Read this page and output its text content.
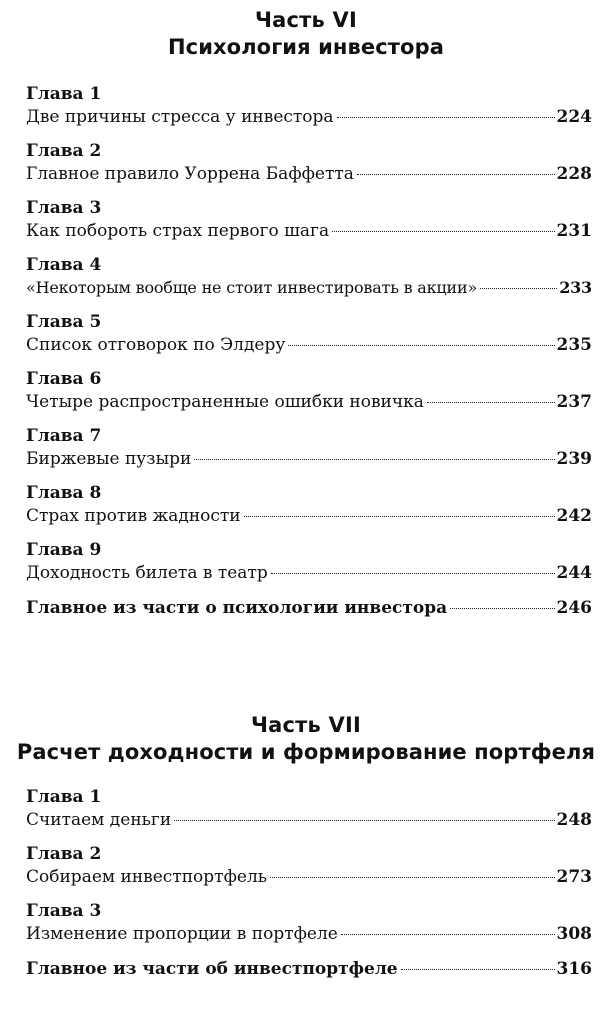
Часть VI
Психология инвестора
Глава 1
Две причины стресса у инвестора	224
Глава 2
Главное правило Уоррена Баффетта	228
Глава 3
Как побороть страх первого шага	231
Глава 4
«Некоторым вообще не стоит инвестировать в акции»	233
Глава 5
Список отговорок по Элдеру	235
Глава 6
Четыре распространенные ошибки новичка	237
Глава 7
Биржевые пузыри	239
Глава 8
Страх против жадности	242
Глава 9
Доходность билета в театр	244
Главное из части о психологии инвестора	246
Часть VII
Расчет доходности и формирование портфеля
Глава 1
Считаем деньги	248
Глава 2
Собираем инвестпортфель	273
Глава 3
Изменение пропорции в портфеле	308
Главное из части об инвестпортфеле	316
